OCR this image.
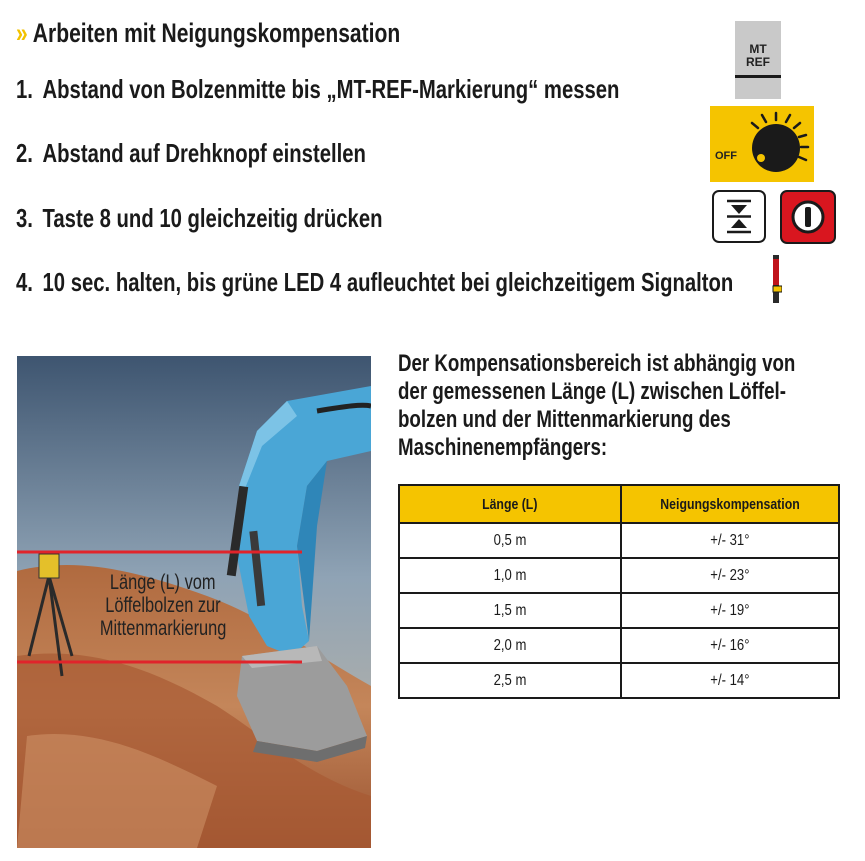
» Arbeiten mit Neigungskompensation
1. Abstand von Bolzenmitte bis „MT-REF-Markierung“ messen
2. Abstand auf Drehknopf einstellen
3. Taste 8 und 10 gleichzeitig drücken
4. 10 sec. halten, bis grüne LED 4 aufleuchtet bei gleichzeitigem Signalton
MT
REF
OFF
Länge (L) vom
Löffelbolzen zur
Mittenmarkierung
Der Kompensationsbereich ist abhängig von
der gemessenen Länge (L) zwischen Löffel-
bolzen und der Mittenmarkierung des
Maschinenempfängers:
Länge (L)	Neigungskompensation
0,5 m	+/- 31°
1,0 m	+/- 23°
1,5 m	+/- 19°
2,0 m	+/- 16°
2,5 m	+/- 14°
